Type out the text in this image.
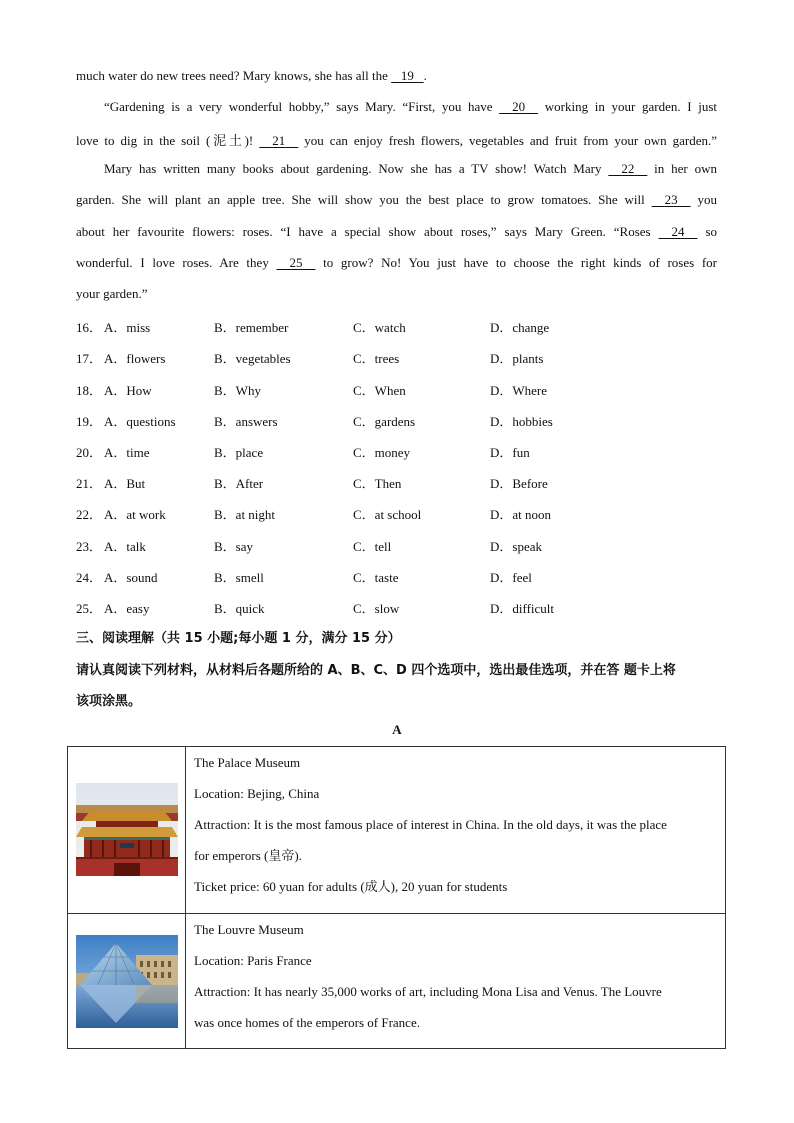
much water do new trees need? Mary knows, she has all the    19 .
“Gardening is a very wonderful hobby,” says Mary. “First, you have     20     working in your garden. I just
love to dig in the soil (泥土)!     21     you can enjoy fresh flowers, vegetables and fruit from your own garden.”
Mary has written many books about gardening. Now she has a TV show! Watch Mary     22     in her own
garden. She will plant an apple tree. She will show you the best place to grow tomatoes. She will     23     you
about her favourite flowers: roses. “I have a special show about roses,” says Mary Green. “Roses     24     so
wonderful. I love roses. Are they     25     to grow? No! You just have to choose the right kinds of roses for
your garden.”
16． A．miss	B．remember	C．watch	D．change
17． A．flowers	B．vegetables	C．trees	D．plants
18． A．How	B．Why	C．When	D．Where
19． A．questions	B．answers	C．gardens	D．hobbies
20． A．time	B．place	C．money	D．fun
21． A．But	B．After	C．Then	D．Before
22． A．at work	B．at night	C．at school	D．at noon
23． A．talk	B．say	C．tell	D．speak
24． A．sound	B．smell	C．taste	D．feel
25． A．easy	B．quick	C．slow	D．difficult
三、阅读理解（共 15 小题;每小题 1 分，满分 15 分）
请认真阅读下列材料，从材料后各题所给的 A、B、C、D 四个选项中，选出最佳选项，并在答 题卡上将
该项涂黑。
A

The Palace Museum
Location: Bejing, China
Attraction: It is the most famous place of interest in China. In the old days, it was the place
for emperors (皇帝).
Ticket price: 60 yuan for adults (成人), 20 yuan for students

The Louvre Museum
Location: Paris France
Attraction: It has nearly 35,000 works of art, including Mona Lisa and Venus. The Louvre
was once homes of the emperors of France.
